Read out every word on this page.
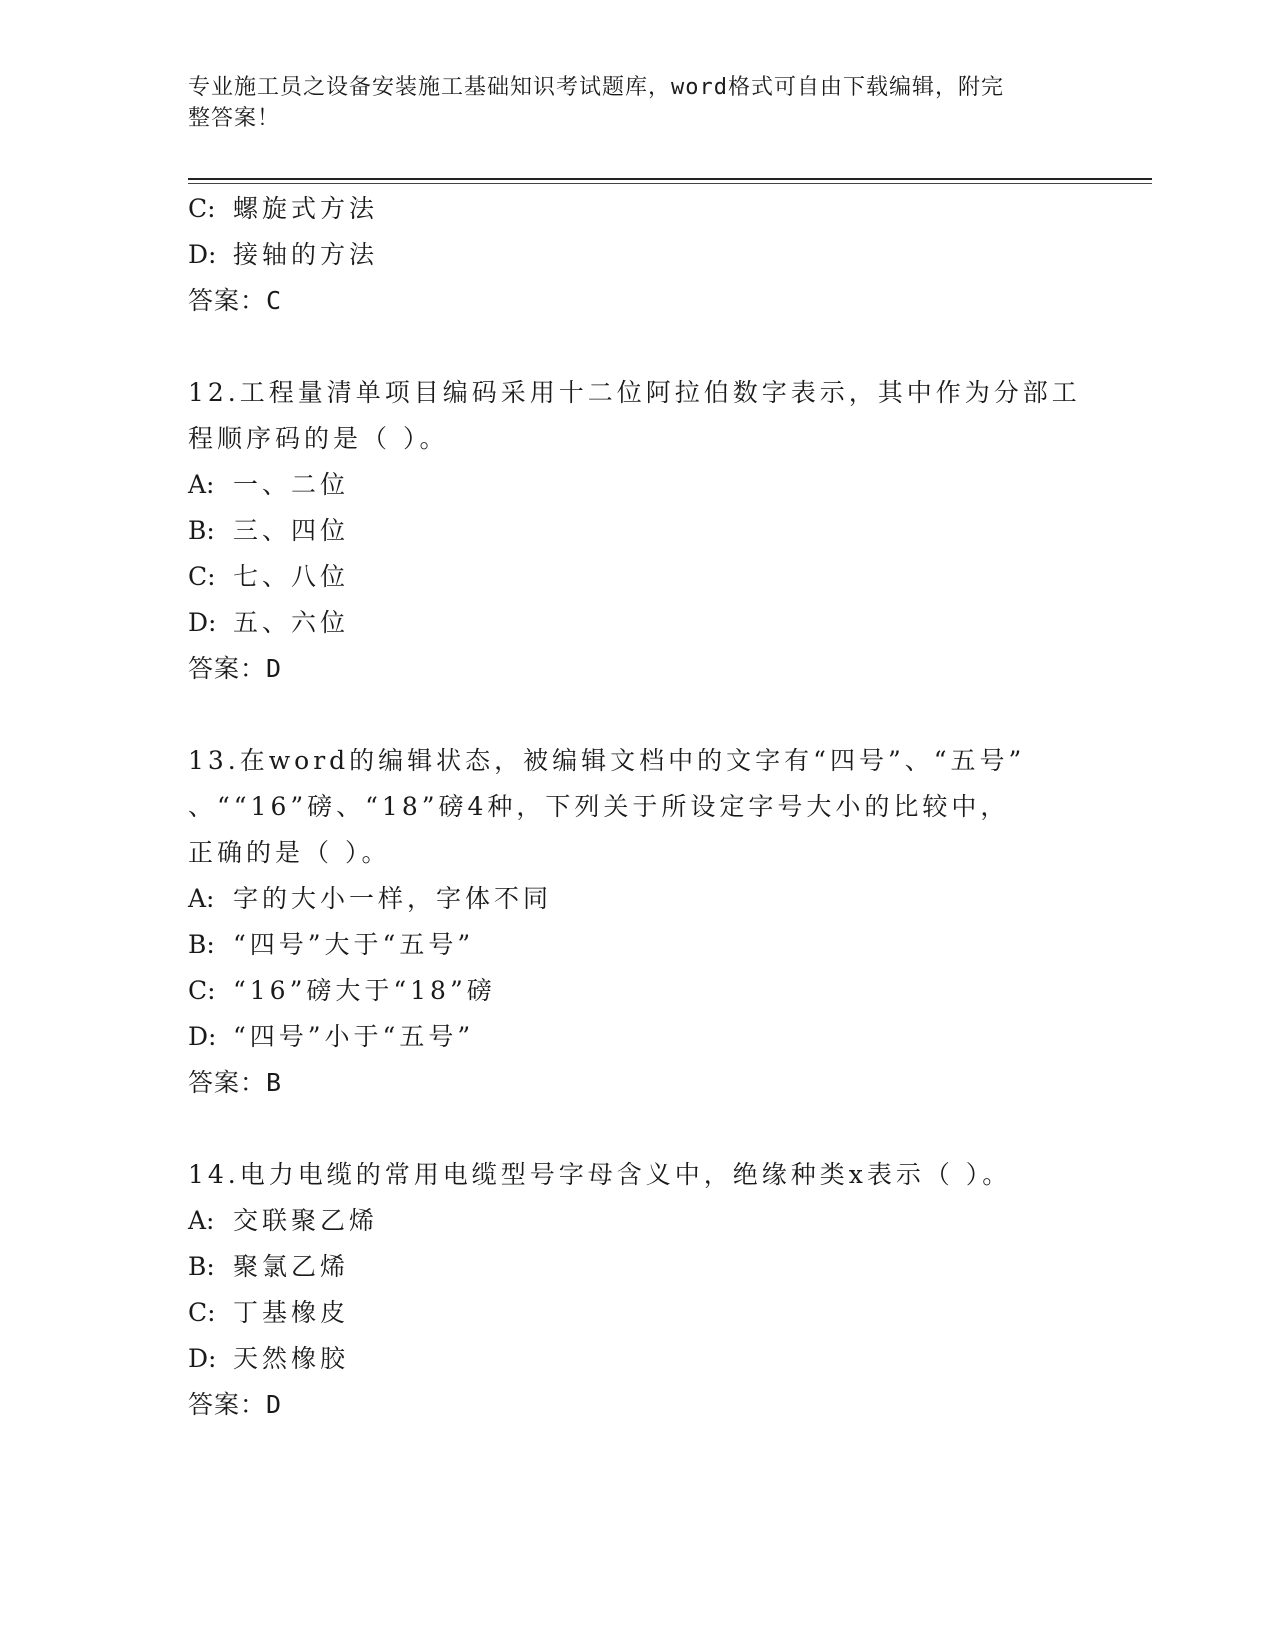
专业施工员之设备安装施工基础知识考试题库，word格式可自由下载编辑，附完
整答案！
C: 螺旋式方法
D: 接轴的方法
答案：C
12.工程量清单项目编码采用十二位阿拉伯数字表示，其中作为分部工
程顺序码的是（ ）。
A: 一、二位
B: 三、四位
C: 七、八位
D: 五、六位
答案：D
13.在word的编辑状态，被编辑文档中的文字有“四号”、“五号”
、““16”磅、“18”磅4种，下列关于所设定字号大小的比较中，
正确的是（ ）。
A: 字的大小一样，字体不同
B: “四号”大于“五号”
C: “16”磅大于“18”磅
D: “四号”小于“五号”
答案：B
14.电力电缆的常用电缆型号字母含义中，绝缘种类x表示（ ）。
A: 交联聚乙烯
B: 聚氯乙烯
C: 丁基橡皮
D: 天然橡胶
答案：D
